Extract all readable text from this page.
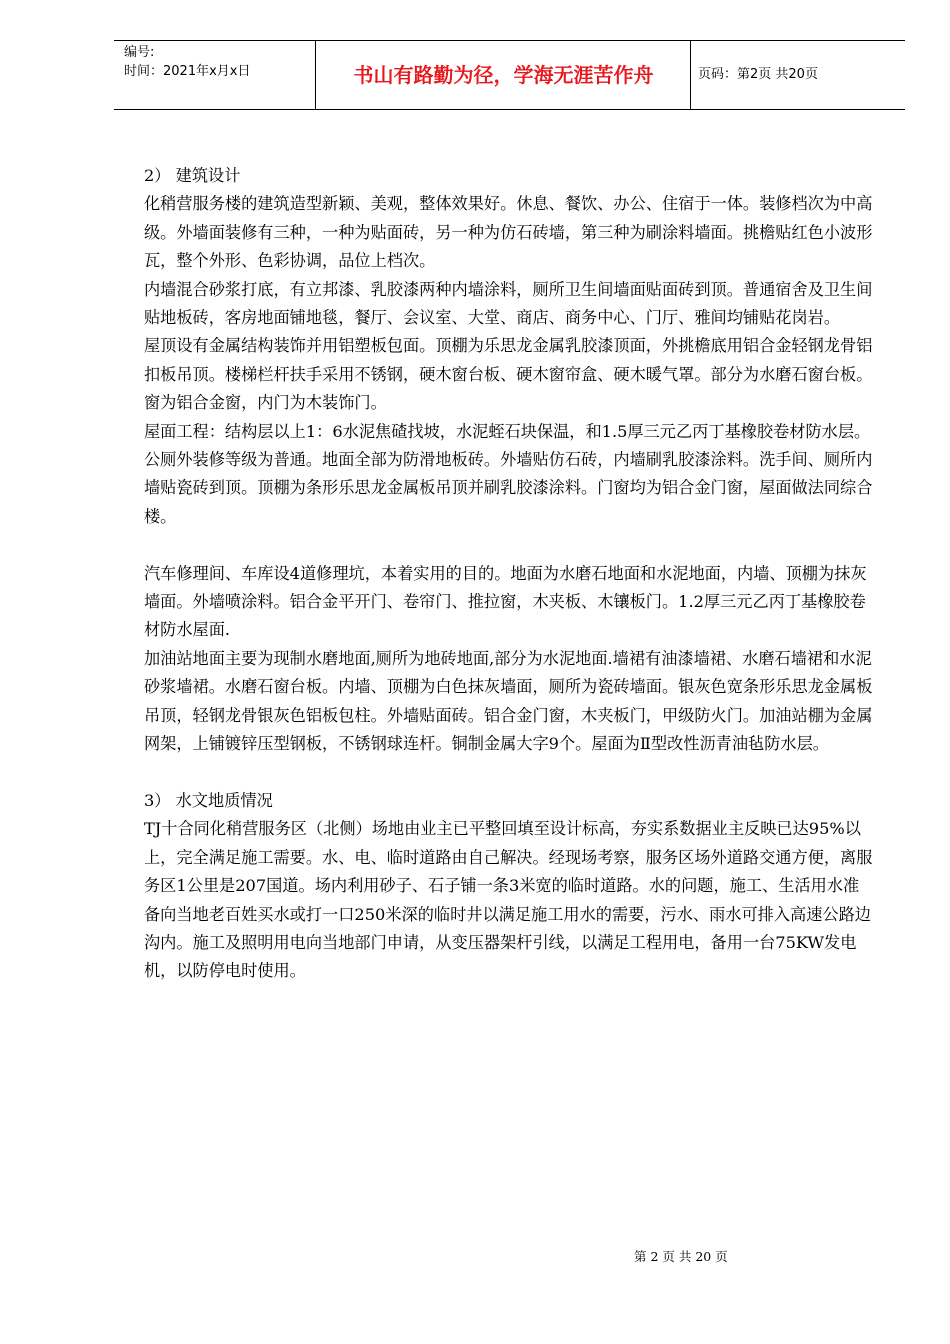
编号:
时间：2021年x月x日	书山有路勤为径，学海无涯苦作舟	页码：第2页 共20页

2） 建筑设计

化稍营服务楼的建筑造型新颖、美观，整体效果好。休息、餐饮、办公、住宿于一体。装修档次为中高级。外墙面装修有三种，一种为贴面砖，另一种为仿石砖墙，第三种为刷涂料墙面。挑檐贴红色小波形瓦，整个外形、色彩协调，品位上档次。

内墙混合砂浆打底，有立邦漆、乳胶漆两种内墙涂料，厕所卫生间墙面贴面砖到顶。普通宿舍及卫生间贴地板砖，客房地面铺地毯，餐厅、会议室、大堂、商店、商务中心、门厅、雅间均铺贴花岗岩。

屋顶设有金属结构装饰并用铝塑板包面。顶棚为乐思龙金属乳胶漆顶面，外挑檐底用铝合金轻钢龙骨铝扣板吊顶。楼梯栏杆扶手采用不锈钢，硬木窗台板、硬木窗帘盒、硬木暖气罩。部分为水磨石窗台板。

窗为铝合金窗，内门为木装饰门。

屋面工程：结构层以上1：6水泥焦碴找坡，水泥蛭石块保温，和1.5厚三元乙丙丁基橡胶卷材防水层。

公厕外装修等级为普通。地面全部为防滑地板砖。外墙贴仿石砖，内墙刷乳胶漆涂料。洗手间、厕所内墙贴瓷砖到顶。顶棚为条形乐思龙金属板吊顶并刷乳胶漆涂料。门窗均为铝合金门窗，屋面做法同综合楼。

汽车修理间、车库设4道修理坑，本着实用的目的。地面为水磨石地面和水泥地面，内墙、顶棚为抹灰墙面。外墙喷涂料。铝合金平开门、卷帘门、推拉窗，木夹板、木镶板门。1.2厚三元乙丙丁基橡胶卷材防水屋面.

加油站地面主要为现制水磨地面,厕所为地砖地面,部分为水泥地面.墙裙有油漆墙裙、水磨石墙裙和水泥砂浆墙裙。水磨石窗台板。内墙、顶棚为白色抹灰墙面，厕所为瓷砖墙面。银灰色宽条形乐思龙金属板吊顶，轻钢龙骨银灰色铝板包柱。外墙贴面砖。铝合金门窗，木夹板门，甲级防火门。加油站棚为金属网架，上铺镀锌压型钢板，不锈钢球连杆。铜制金属大字9个。屋面为Ⅱ型改性沥青油毡防水层。

3） 水文地质情况

TJ十合同化稍营服务区（北侧）场地由业主已平整回填至设计标高，夯实系数据业主反映已达95%以上，完全满足施工需要。水、电、临时道路由自己解决。经现场考察，服务区场外道路交通方便，离服务区1公里是207国道。场内利用砂子、石子铺一条3米宽的临时道路。水的问题，施工、生活用水准备向当地老百姓买水或打一口250米深的临时井以满足施工用水的需要，污水、雨水可排入高速公路边沟内。施工及照明用电向当地部门申请，从变压器架杆引线，以满足工程用电，备用一台75KW发电机，以防停电时使用。

第 2 页 共 20 页
